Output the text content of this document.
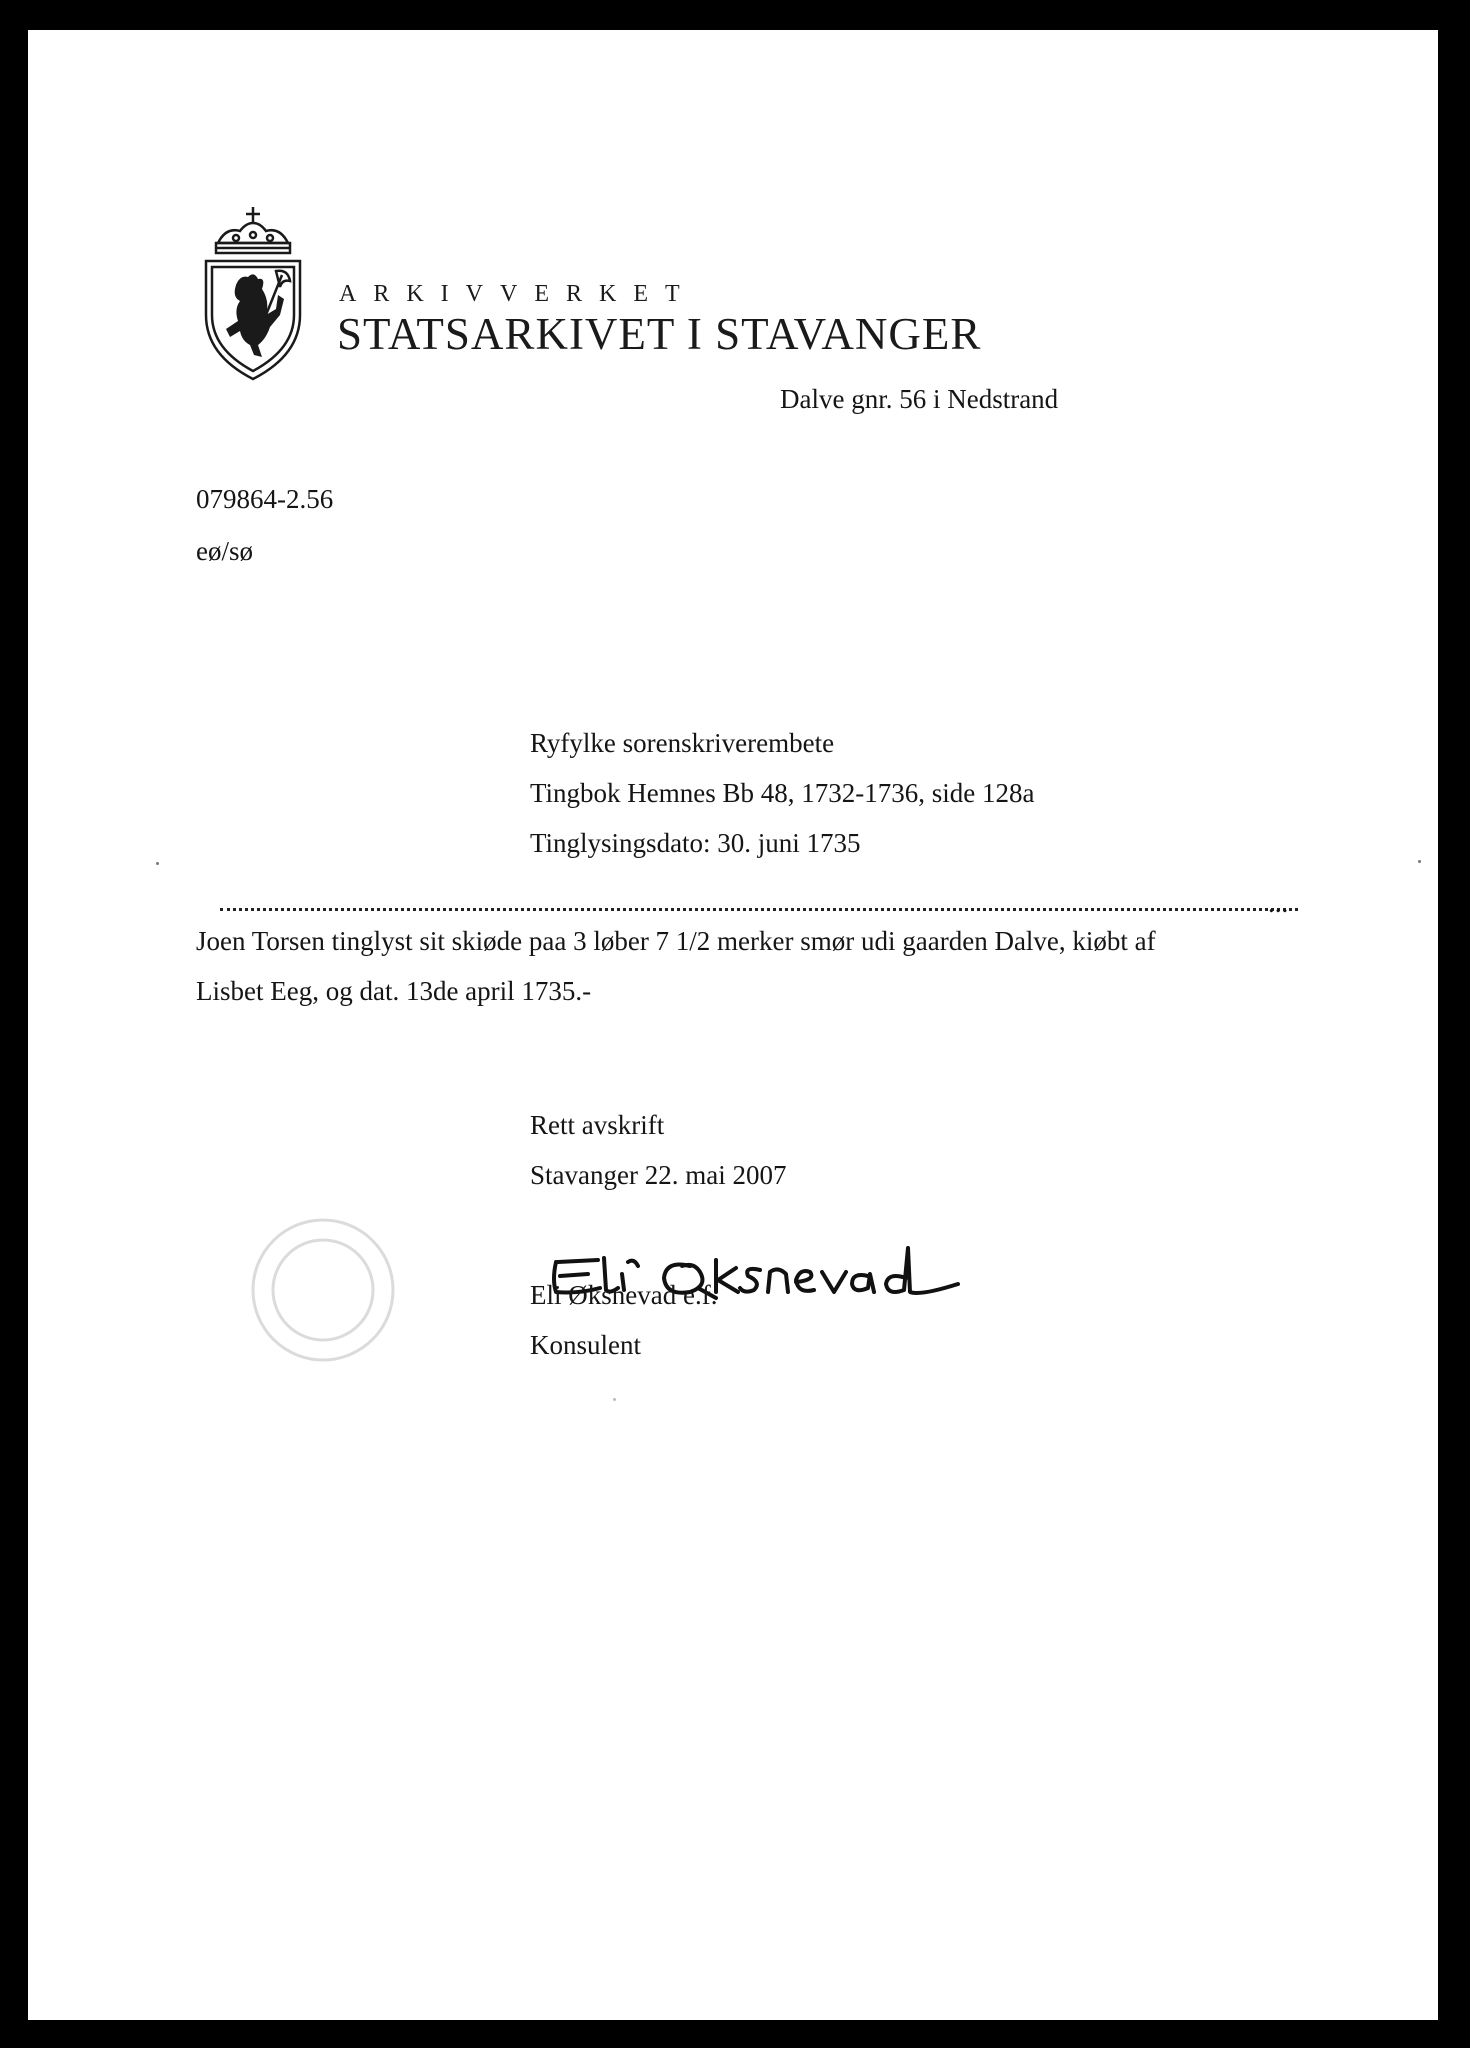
ARKIVVERKET
STATSARKIVET I STAVANGER
Dalve gnr. 56 i Nedstrand
079864-2.56
eø/sø
Ryfylke sorenskriverembete
Tingbok Hemnes Bb 48, 1732-1736, side 128a
Tinglysingsdato: 30. juni 1735
...
Joen Torsen tinglyst sit skiøde paa 3 løber 7 1/2 merker smør udi gaarden Dalve, kiøbt af
Lisbet Eeg, og dat. 13de april 1735.-
Rett avskrift
Stavanger 22. mai 2007
Eli Øksnevad e.f.
Konsulent
